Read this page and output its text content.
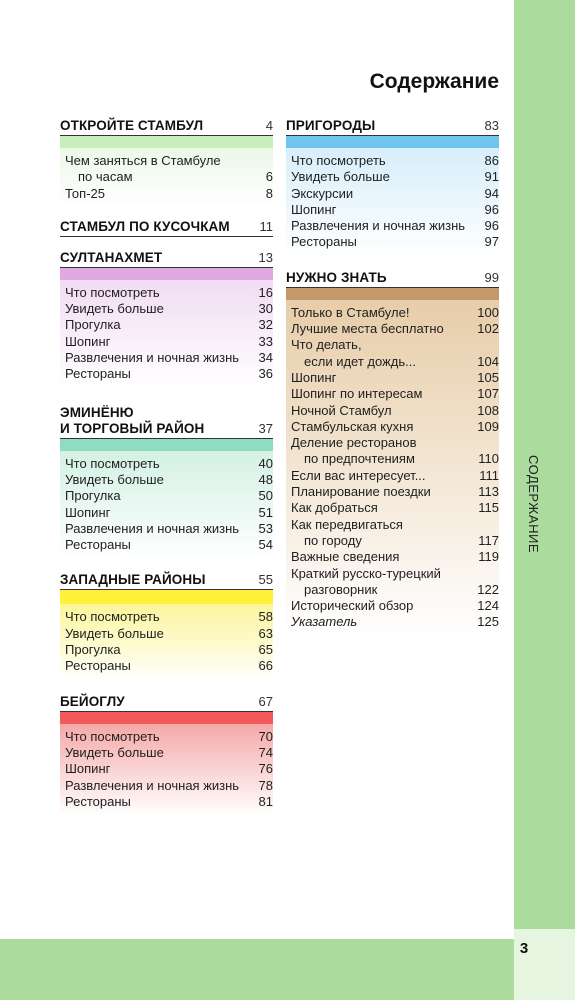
3
СОДЕРЖАНИЕ
Содержание
ОТКРОЙТЕ СТАМБУЛ	4
Чем заняться в Стамбуле
по часам	6
Топ-25	8
СТАМБУЛ ПО КУСОЧКАМ 11
СУЛТАНАХМЕТ	13
Что посмотреть	16
Увидеть больше	30
Прогулка	32
Шопинг	33
Развлечения и ночная жизнь 34
Рестораны	36
ЭМИНЁНЮ
И ТОРГОВЫЙ РАЙОН	37
Что посмотреть	40
Увидеть больше	48
Прогулка	50
Шопинг	51
Развлечения и ночная жизнь 53
Рестораны	54
ЗАПАДНЫЕ РАЙОНЫ	55
Что посмотреть	58
Увидеть больше	63
Прогулка	65
Рестораны	66
БЕЙОГЛУ	67
Что посмотреть	70
Увидеть больше	74
Шопинг	76
Развлечения и ночная жизнь 78
Рестораны	81
ПРИГОРОДЫ	83
Что посмотреть	86
Увидеть больше	91
Экскурсии	94
Шопинг	96
Развлечения и ночная жизнь 96
Рестораны	97
НУЖНО ЗНАТЬ	99
Только в Стамбуле!	100
Лучшие места бесплатно	102
Что делать,
если идет дождь...	104
Шопинг	105
Шопинг по интересам	107
Ночной Стамбул	108
Стамбульская кухня	109
Деление ресторанов
по предпочтениям	110
Если вас интересует...	111
Планирование поездки	113
Как добраться	115
Как передвигаться
по городу	117
Важные сведения	119
Краткий русско-турецкий
разговорник	122
Исторический обзор	124
Указатель	125
